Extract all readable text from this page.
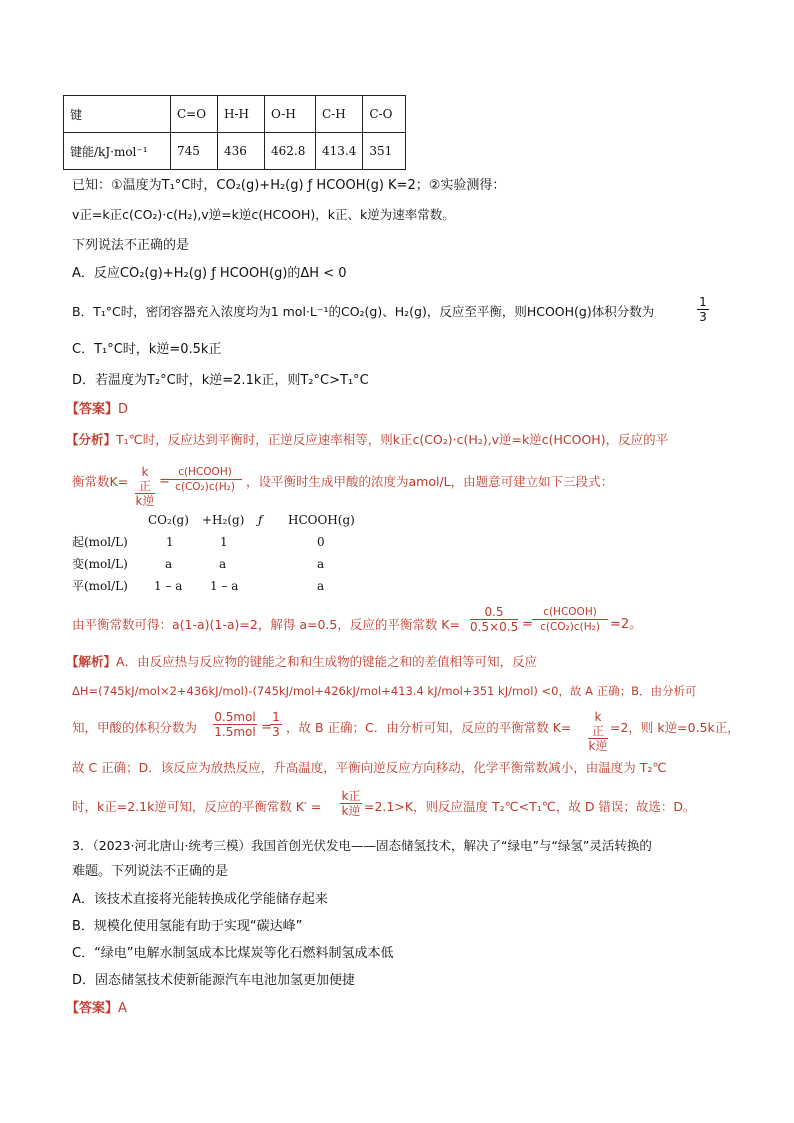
键	C=O	H-H	O-H	C-H	C-O
键能/kJ·mol⁻¹	745	436	462.8	413.4	351
已知：①温度为T₁°C时，CO₂(g)+H₂(g) ƒ HCOOH(g) K=2；②实验测得：
v正=k正c(CO₂)·c(H₂),v逆=k逆c(HCOOH)，k正、k逆为速率常数。
下列说法不正确的是
A．反应CO₂(g)+H₂(g) ƒ HCOOH(g)的ΔH < 0
B．T₁°C时，密闭容器充入浓度均为1 mol·L⁻¹的CO₂(g)、H₂(g)，反应至平衡，则HCOOH(g)体积分数为	$\frac{1}{3}$
C．T₁°C时，k逆=0.5k正
D．若温度为T₂°C时，k逆=2.1k正，则T₂°C>T₁°C
【答案】D
【分析】T₁℃时，反应达到平衡时，正逆反应速率相等，则k正c(CO₂)·c(H₂),v逆=k逆c(HCOOH)，反应的平
衡常数K=
k正
k逆
=
c(HCOOH)
c(CO₂)c(H₂) ，设平衡时生成甲酸的浓度为amol/L，由题意可建立如下三段式：
CO₂(g) +H₂(g) ƒ HCOOH(g)
起(mol/L)	1	1	0
变(mol/L)	a	a	a
平(mol/L) 1 – a 1 – a	a
由平衡常数可得：a(1-a)(1-a)=2，解得 a=0.5，反应的平衡常数 $K= \frac{0.5}{0.5\times 0.5}$ =
c(HCOOH)
c(CO₂)c(H₂) =2。
【解析】A．由反应热与反应物的键能之和和生成物的键能之和的差值相等可知，反应
ΔH=(745kJ/mol×2+436kJ/mol)-(745kJ/mol+426kJ/mol+413.4 kJ/mol+351 kJ/mol) <0，故 A 正确；B．由分析可
知，甲酸的体积分数为
0.5mol
1.5mol =
$\frac{1}{3}$ ，故 B 正确；C．由分析可知，反应的平衡常数 K=
k正
k逆
=2，则 k逆=0.5k正，
故 C 正确；D．该反应为放热反应，升高温度，平衡向逆反应方向移动，化学平衡常数减小，由温度为 T₂℃
时，k正=2.1k逆可知，反应的平衡常数 K′ =
k正
k逆 =2.1>K，则反应温度 T₂℃<T₁℃，故 D 错误；故选：D。
3．（2023·河北唐山·统考三模）我国首创光伏发电——固态储氢技术，解决了“绿电”与“绿氢”灵活转换的
难题。下列说法不正确的是
A．该技术直接将光能转换成化学能储存起来
B．规模化使用氢能有助于实现“碳达峰”
C．“绿电”电解水制氢成本比煤炭等化石燃料制氢成本低
D．固态储氢技术使新能源汽车电池加氢更加便捷
【答案】A
